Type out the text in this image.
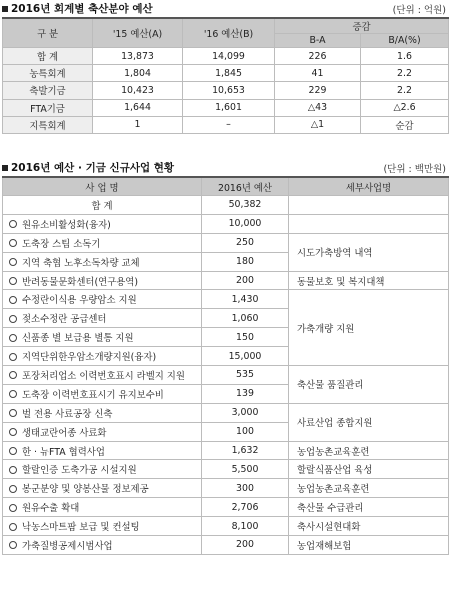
2016년 회계별 축산분야 예산	(단위 : 억원)
구 분	'15 예산(A)	'16 예산(B)	증감	
			B-A	B/A(%)
합 계	13,873	14,099	226	1.6
농특회계	1,804	1,845	41	2.2
축발기금	10,423	10,653	229	2.2
FTA기금	1,644	1,601	△43	△2.6
지특회계	1	–	△1	순감
2016년 예산 · 기금 신규사업 현황	(단위 : 백만원)
사 업 명	2016년 예산	세부사업명
합 계	50,382	
원유소비활성화(융자)	10,000	
도축장 스팀 소독기	250	시도가축방역 내역
지역 축협 노후소독차량 교체	180	
반려동물문화센터(연구용역)	200	동물보호 및 복지대책
수정란이식용 우량암소 지원	1,430	가축개량 지원
젖소수정란 공급센터	1,060	
신품종 별 보급용 별통 지원	150	
지역단위한우암소개량지원(융자)	15,000	
포장처리업소 이력번호표시 라벨지 지원	535	축산물 품질관리
도축장 이력번호표시기 유지보수비	139	
벌 전용 사료공장 신축	3,000	사료산업 종합지원
생태교란어종 사료화	100	
한 · 뉴FTA 협력사업	1,632	농업농촌교육훈련
할랄인증 도축가공 시설지원	5,500	할랄식품산업 육성
봉군분양 및 양봉산물 정보제공	300	농업농촌교육훈련
원유수출 확대	2,706	축산물 수급관리
낙농스마트팜 보급 및 컨설팅	8,100	축사시설현대화
가축질병공제시범사업	200	농업재해보험
